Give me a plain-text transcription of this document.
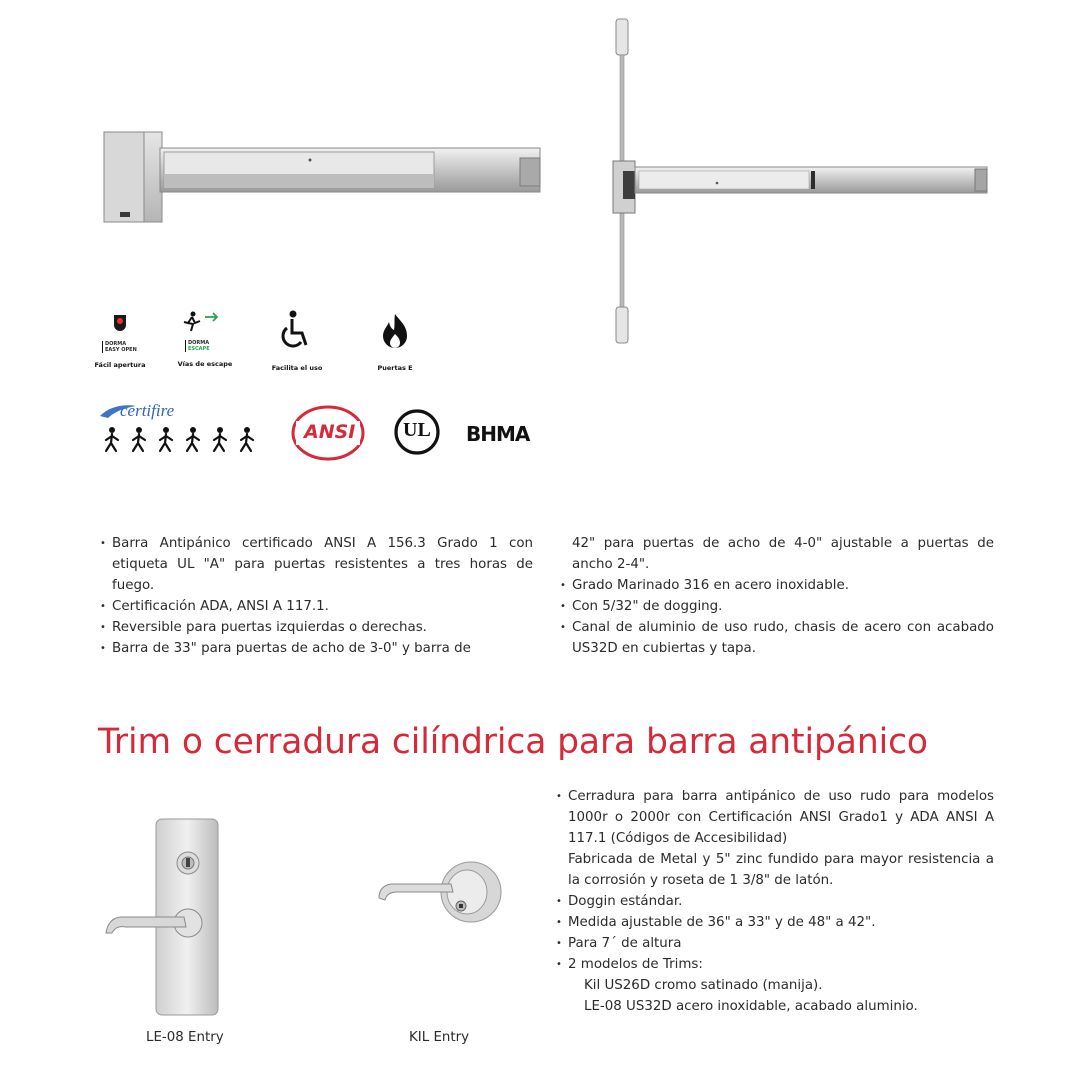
DORMA
EASY OPEN
Fácil apertura
DORMA
ESCAPE
Vías de escape	Facilita el uso	Puertas E
certifire
ANSI UL BHMA
• Barra Antipánico certificado ANSI A 156.3 Grado 1 con etiqueta UL "A" para puertas resistentes a tres horas de fuego.
• Certificación ADA, ANSI A 117.1.
• Reversible para puertas izquierdas o derechas.
• Barra de 33" para puertas de acho de 3-0" y barra de
42" para puertas de acho de 4-0" ajustable a puertas de ancho 2-4".
• Grado Marinado 316 en acero inoxidable.
• Con 5/32" de dogging.
• Canal de aluminio de uso rudo, chasis de acero con acabado US32D en cubiertas y tapa.
Trim o cerradura cilíndrica para barra antipánico
LE-08 Entry	KIL Entry
• Cerradura para barra antipánico de uso rudo para modelos 1000r o 2000r con Certificación ANSI Grado1 y ADA ANSI A 117.1 (Códigos de Accesibilidad)
Fabricada de Metal y 5" zinc fundido para mayor resistencia a la corrosión y roseta de 1 3/8" de latón.
• Doggin estándar.
• Medida ajustable de 36" a 33" y de 48" a 42".
• Para 7´ de altura
• 2 modelos de Trims:
Kil US26D cromo satinado (manija).
LE-08 US32D acero inoxidable, acabado aluminio.
